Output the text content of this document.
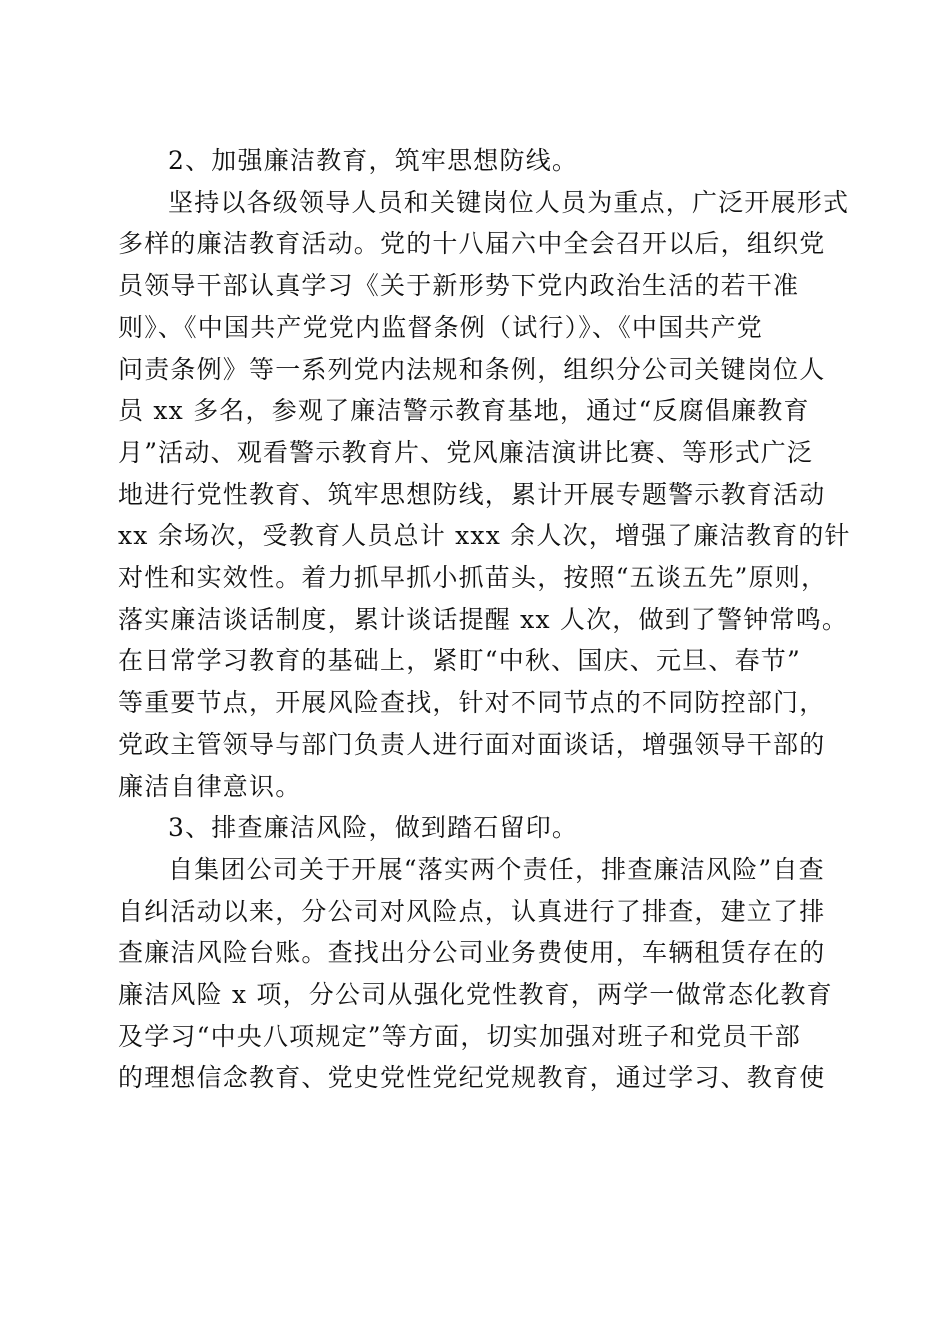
2、加强廉洁教育，筑牢思想防线。

坚持以各级领导人员和关键岗位人员为重点，广泛开展形式
多样的廉洁教育活动。党的十八届六中全会召开以后，组织党
员领导干部认真学习《关于新形势下党内政治生活的若干准
则》、《中国共产党党内监督条例（试行）》、《中国共产党
问责条例》等一系列党内法规和条例，组织分公司关键岗位人
员 xx 多名，参观了廉洁警示教育基地，通过“反腐倡廉教育
月”活动、观看警示教育片、党风廉洁演讲比赛、等形式广泛
地进行党性教育、筑牢思想防线，累计开展专题警示教育活动
xx 余场次，受教育人员总计 xxx 余人次，增强了廉洁教育的针
对性和实效性。着力抓早抓小抓苗头，按照“五谈五先”原则，
落实廉洁谈话制度，累计谈话提醒 xx 人次，做到了警钟常鸣。
在日常学习教育的基础上，紧盯“中秋、国庆、元旦、春节”
等重要节点，开展风险查找，针对不同节点的不同防控部门，
党政主管领导与部门负责人进行面对面谈话，增强领导干部的
廉洁自律意识。

3、排查廉洁风险，做到踏石留印。

自集团公司关于开展“落实两个责任，排查廉洁风险”自查
自纠活动以来，分公司对风险点，认真进行了排查，建立了排
查廉洁风险台账。查找出分公司业务费使用，车辆租赁存在的
廉洁风险 x 项，分公司从强化党性教育，两学一做常态化教育
及学习“中央八项规定”等方面，切实加强对班子和党员干部
的理想信念教育、党史党性党纪党规教育，通过学习、教育使
